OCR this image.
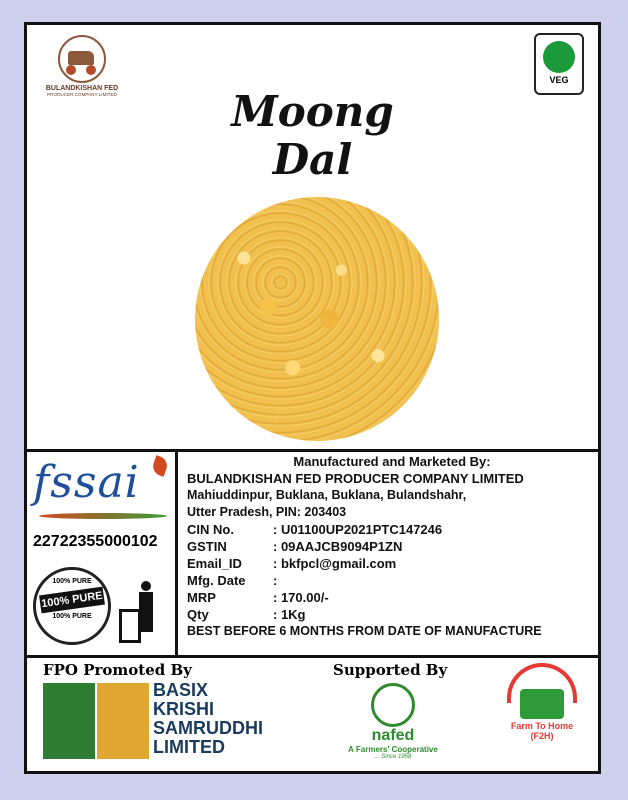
BULANDKISHAN FED
PRODUCER COMPANY LIMITED
VEG
Moong
Dal
fssai
22722355000102
100% PURE
100% PURE
100% PURE
Manufactured and Marketed By:
BULANDKISHAN FED PRODUCER COMPANY LIMITED
Mahiuddinpur, Buklana, Buklana, Bulandshahr,
Utter Pradesh, PIN: 203403
CIN No.	: U01100UP2021PTC147246
GSTIN	: 09AAJCB9094P1ZN
Email_ID	: bkfpcl@gmail.com
Mfg. Date	:
MRP	: 170.00/-
Qty	: 1Kg
BEST BEFORE 6 MONTHS FROM DATE OF MANUFACTURE
FPO Promoted By
BASIX
KRISHI
SAMRUDDHI
LIMITED
Supported By
nafed
A Farmers' Cooperative
... Since 1958
Farm To Home
(F2H)
